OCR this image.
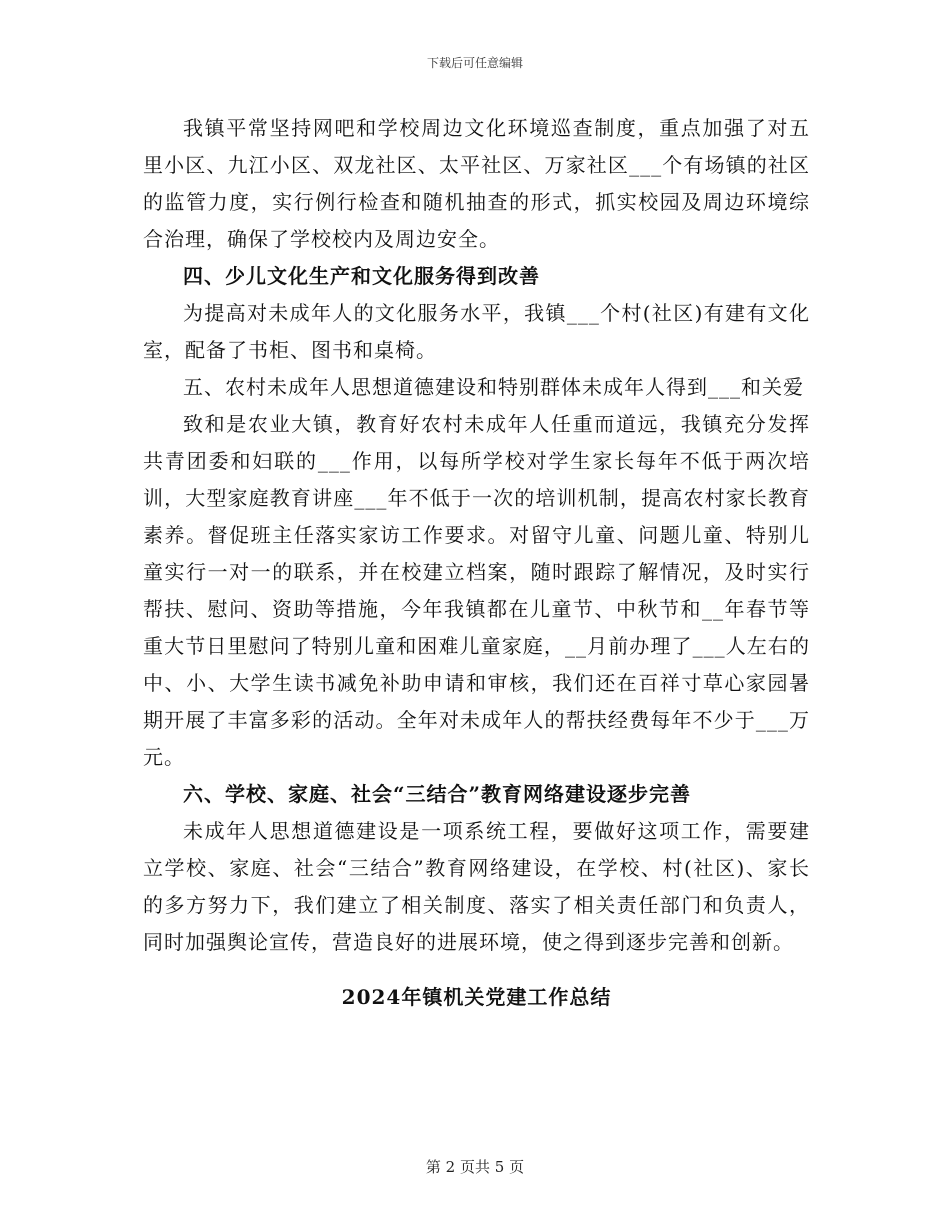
下载后可任意编辑

我镇平常坚持网吧和学校周边文化环境巡查制度，重点加强了对五里小区、九江小区、双龙社区、太平社区、万家社区___个有场镇的社区的监管力度，实行例行检查和随机抽查的形式，抓实校园及周边环境综合治理，确保了学校校内及周边安全。

四、少儿文化生产和文化服务得到改善

为提高对未成年人的文化服务水平，我镇___个村(社区)有建有文化室，配备了书柜、图书和桌椅。

五、农村未成年人思想道德建设和特别群体未成年人得到___和关爱

致和是农业大镇，教育好农村未成年人任重而道远，我镇充分发挥共青团委和妇联的___作用，以每所学校对学生家长每年不低于两次培训，大型家庭教育讲座___年不低于一次的培训机制，提高农村家长教育素养。督促班主任落实家访工作要求。对留守儿童、问题儿童、特别儿童实行一对一的联系，并在校建立档案，随时跟踪了解情况，及时实行帮扶、慰问、资助等措施，今年我镇都在儿童节、中秋节和__年春节等重大节日里慰问了特别儿童和困难儿童家庭，__月前办理了___人左右的中、小、大学生读书减免补助申请和审核，我们还在百祥寸草心家园暑期开展了丰富多彩的活动。全年对未成年人的帮扶经费每年不少于___万元。

六、学校、家庭、社会“三结合”教育网络建设逐步完善

未成年人思想道德建设是一项系统工程，要做好这项工作，需要建立学校、家庭、社会“三结合”教育网络建设，在学校、村(社区)、家长的多方努力下，我们建立了相关制度、落实了相关责任部门和负责人，同时加强舆论宣传，营造良好的进展环境，使之得到逐步完善和创新。

2024年镇机关党建工作总结

第 2 页共 5 页
